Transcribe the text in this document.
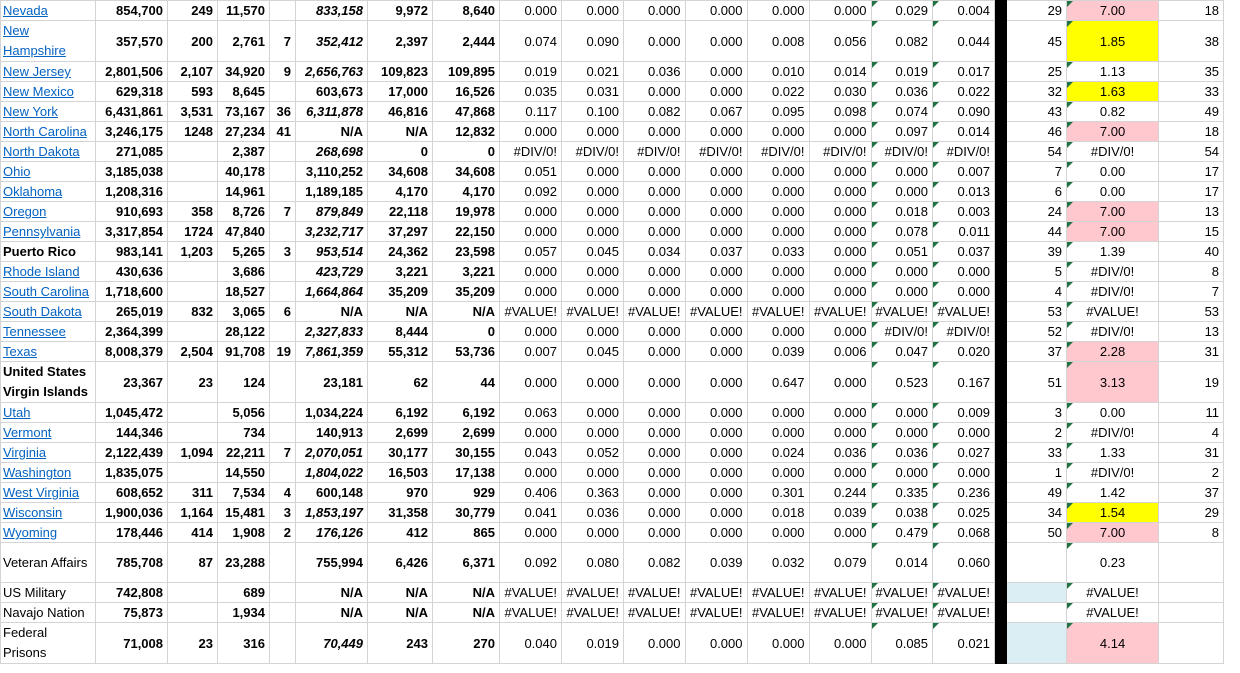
Nevada	854,700	249	11,570		833,158	9,972	8,640	0.000	0.000	0.000	0.000	0.000	0.000	0.029	0.004		29	7.00	18
New Hampshire	357,570	200	2,761	7	352,412	2,397	2,444	0.074	0.090	0.000	0.000	0.008	0.056	0.082	0.044		45	1.85	38
New Jersey	2,801,506	2,107	34,920	9	2,656,763	109,823	109,895	0.019	0.021	0.036	0.000	0.010	0.014	0.019	0.017		25	1.13	35
New Mexico	629,318	593	8,645		603,673	17,000	16,526	0.035	0.031	0.000	0.000	0.022	0.030	0.036	0.022		32	1.63	33
New York	6,431,861	3,531	73,167	36	6,311,878	46,816	47,868	0.117	0.100	0.082	0.067	0.095	0.098	0.074	0.090		43	0.82	49
North Carolina	3,246,175	1248	27,234	41	N/A	N/A	12,832	0.000	0.000	0.000	0.000	0.000	0.000	0.097	0.014		46	7.00	18
North Dakota	271,085		2,387		268,698	0	0	#DIV/0!	#DIV/0!	#DIV/0!	#DIV/0!	#DIV/0!	#DIV/0!	#DIV/0!	#DIV/0!		54	#DIV/0!	54
Ohio	3,185,038		40,178		3,110,252	34,608	34,608	0.051	0.000	0.000	0.000	0.000	0.000	0.000	0.007		7	0.00	17
Oklahoma	1,208,316		14,961		1,189,185	4,170	4,170	0.092	0.000	0.000	0.000	0.000	0.000	0.000	0.013		6	0.00	17
Oregon	910,693	358	8,726	7	879,849	22,118	19,978	0.000	0.000	0.000	0.000	0.000	0.000	0.018	0.003		24	7.00	13
Pennsylvania	3,317,854	1724	47,840		3,232,717	37,297	22,150	0.000	0.000	0.000	0.000	0.000	0.000	0.078	0.011		44	7.00	15
Puerto Rico	983,141	1,203	5,265	3	953,514	24,362	23,598	0.057	0.045	0.034	0.037	0.033	0.000	0.051	0.037		39	1.39	40
Rhode Island	430,636		3,686		423,729	3,221	3,221	0.000	0.000	0.000	0.000	0.000	0.000	0.000	0.000		5	#DIV/0!	8
South Carolina	1,718,600		18,527		1,664,864	35,209	35,209	0.000	0.000	0.000	0.000	0.000	0.000	0.000	0.000		4	#DIV/0!	7
South Dakota	265,019	832	3,065	6	N/A	N/A	N/A	#VALUE!	#VALUE!	#VALUE!	#VALUE!	#VALUE!	#VALUE!	#VALUE!	#VALUE!		53	#VALUE!	53
Tennessee	2,364,399		28,122		2,327,833	8,444	0	0.000	0.000	0.000	0.000	0.000	0.000	#DIV/0!	#DIV/0!		52	#DIV/0!	13
Texas	8,008,379	2,504	91,708	19	7,861,359	55,312	53,736	0.007	0.045	0.000	0.000	0.039	0.006	0.047	0.020		37	2.28	31
United States Virgin Islands	23,367	23	124		23,181	62	44	0.000	0.000	0.000	0.000	0.647	0.000	0.523	0.167		51	3.13	19
Utah	1,045,472		5,056		1,034,224	6,192	6,192	0.063	0.000	0.000	0.000	0.000	0.000	0.000	0.009		3	0.00	11
Vermont	144,346		734		140,913	2,699	2,699	0.000	0.000	0.000	0.000	0.000	0.000	0.000	0.000		2	#DIV/0!	4
Virginia	2,122,439	1,094	22,211	7	2,070,051	30,177	30,155	0.043	0.052	0.000	0.000	0.024	0.036	0.036	0.027		33	1.33	31
Washington	1,835,075		14,550		1,804,022	16,503	17,138	0.000	0.000	0.000	0.000	0.000	0.000	0.000	0.000		1	#DIV/0!	2
West Virginia	608,652	311	7,534	4	600,148	970	929	0.406	0.363	0.000	0.000	0.301	0.244	0.335	0.236		49	1.42	37
Wisconsin	1,900,036	1,164	15,481	3	1,853,197	31,358	30,779	0.041	0.036	0.000	0.000	0.018	0.039	0.038	0.025		34	1.54	29
Wyoming	178,446	414	1,908	2	176,126	412	865	0.000	0.000	0.000	0.000	0.000	0.000	0.479	0.068		50	7.00	8
Veteran Affairs	785,708	87	23,288		755,994	6,426	6,371	0.092	0.080	0.082	0.039	0.032	0.079	0.014	0.060			0.23	
US Military	742,808		689		N/A	N/A	N/A	#VALUE!	#VALUE!	#VALUE!	#VALUE!	#VALUE!	#VALUE!	#VALUE!	#VALUE!			#VALUE!	
Navajo Nation	75,873		1,934		N/A	N/A	N/A	#VALUE!	#VALUE!	#VALUE!	#VALUE!	#VALUE!	#VALUE!	#VALUE!	#VALUE!			#VALUE!	
Federal Prisons	71,008	23	316		70,449	243	270	0.040	0.019	0.000	0.000	0.000	0.000	0.085	0.021			4.14	
